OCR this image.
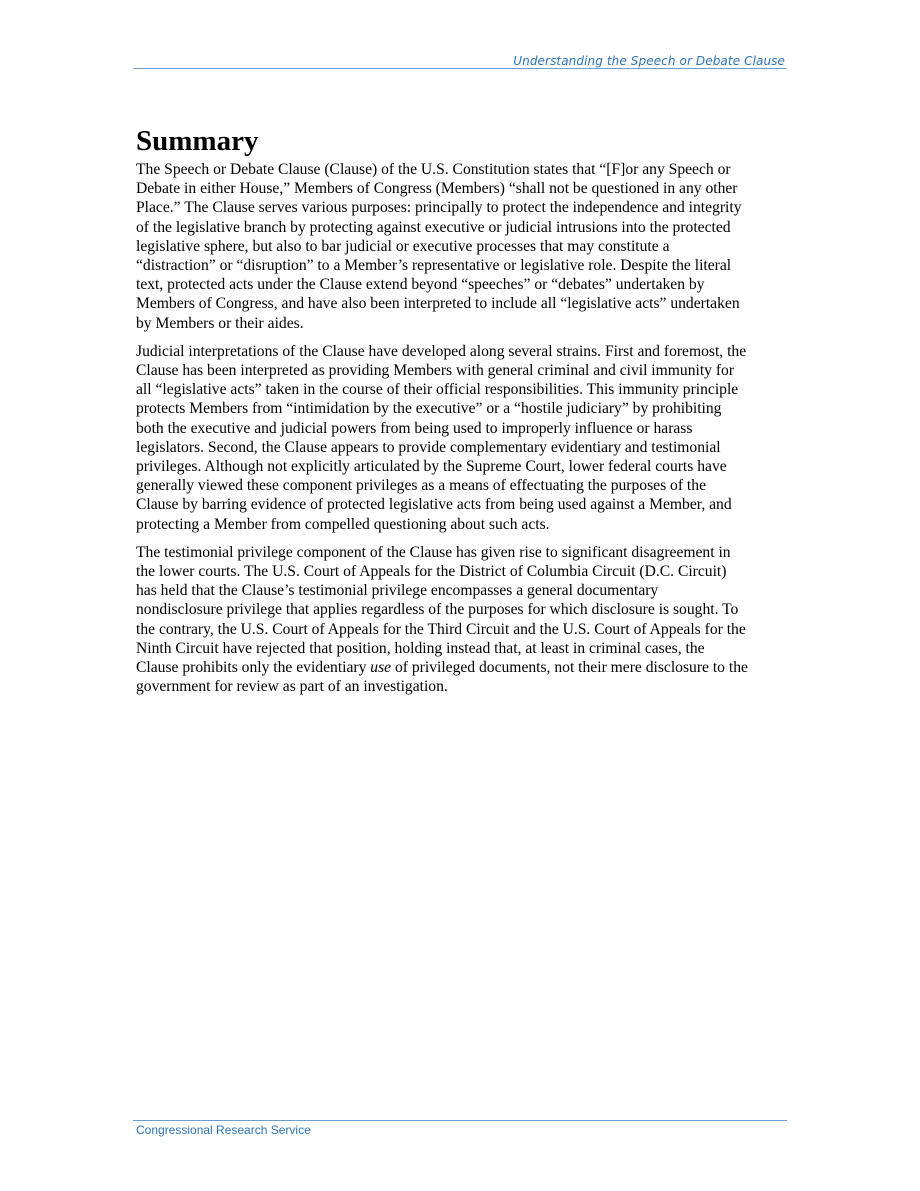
Understanding the Speech or Debate Clause
Summary

The Speech or Debate Clause (Clause) of the U.S. Constitution states that “[F]or any Speech or
Debate in either House,” Members of Congress (Members) “shall not be questioned in any other
Place.” The Clause serves various purposes: principally to protect the independence and integrity
of the legislative branch by protecting against executive or judicial intrusions into the protected
legislative sphere, but also to bar judicial or executive processes that may constitute a
“distraction” or “disruption” to a Member’s representative or legislative role. Despite the literal
text, protected acts under the Clause extend beyond “speeches” or “debates” undertaken by
Members of Congress, and have also been interpreted to include all “legislative acts” undertaken
by Members or their aides.

Judicial interpretations of the Clause have developed along several strains. First and foremost, the
Clause has been interpreted as providing Members with general criminal and civil immunity for
all “legislative acts” taken in the course of their official responsibilities. This immunity principle
protects Members from “intimidation by the executive” or a “hostile judiciary” by prohibiting
both the executive and judicial powers from being used to improperly influence or harass
legislators. Second, the Clause appears to provide complementary evidentiary and testimonial
privileges. Although not explicitly articulated by the Supreme Court, lower federal courts have
generally viewed these component privileges as a means of effectuating the purposes of the
Clause by barring evidence of protected legislative acts from being used against a Member, and
protecting a Member from compelled questioning about such acts.

The testimonial privilege component of the Clause has given rise to significant disagreement in
the lower courts. The U.S. Court of Appeals for the District of Columbia Circuit (D.C. Circuit)
has held that the Clause’s testimonial privilege encompasses a general documentary
nondisclosure privilege that applies regardless of the purposes for which disclosure is sought. To
the contrary, the U.S. Court of Appeals for the Third Circuit and the U.S. Court of Appeals for the
Ninth Circuit have rejected that position, holding instead that, at least in criminal cases, the
Clause prohibits only the evidentiary use of privileged documents, not their mere disclosure to the
government for review as part of an investigation.

Congressional Research Service
